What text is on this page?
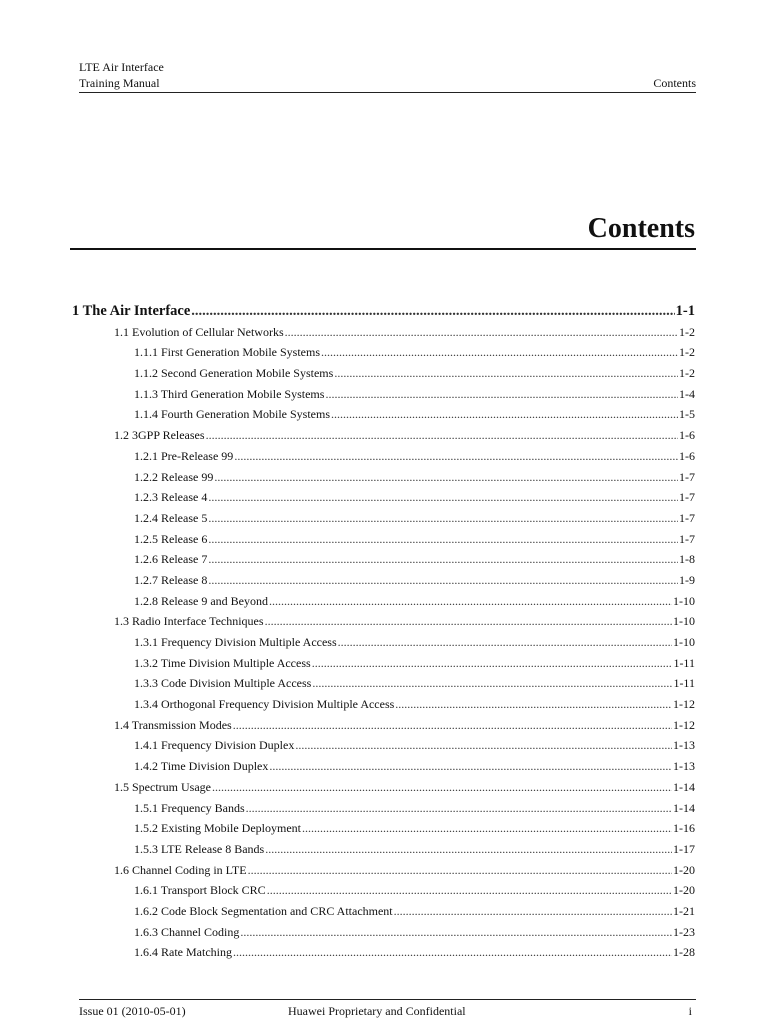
LTE Air Interface
Training Manual	Contents
Contents
1 The Air Interface .....	1-1
1.1 Evolution of Cellular Networks .....	1-2
1.1.1 First Generation Mobile Systems .....	1-2
1.1.2 Second Generation Mobile Systems .....	1-2
1.1.3 Third Generation Mobile Systems .....	1-4
1.1.4 Fourth Generation Mobile Systems .....	1-5
1.2 3GPP Releases .....	1-6
1.2.1 Pre-Release 99 .....	1-6
1.2.2 Release 99 .....	1-7
1.2.3 Release 4 .....	1-7
1.2.4 Release 5 .....	1-7
1.2.5 Release 6 .....	1-7
1.2.6 Release 7 .....	1-8
1.2.7 Release 8 .....	1-9
1.2.8 Release 9 and Beyond .....	1-10
1.3 Radio Interface Techniques .....	1-10
1.3.1 Frequency Division Multiple Access .....	1-10
1.3.2 Time Division Multiple Access .....	1-11
1.3.3 Code Division Multiple Access .....	1-11
1.3.4 Orthogonal Frequency Division Multiple Access .....	1-12
1.4 Transmission Modes .....	1-12
1.4.1 Frequency Division Duplex .....	1-13
1.4.2 Time Division Duplex .....	1-13
1.5 Spectrum Usage .....	1-14
1.5.1 Frequency Bands .....	1-14
1.5.2 Existing Mobile Deployment .....	1-16
1.5.3 LTE Release 8 Bands .....	1-17
1.6 Channel Coding in LTE .....	1-20
1.6.1 Transport Block CRC .....	1-20
1.6.2 Code Block Segmentation and CRC Attachment .....	1-21
1.6.3 Channel Coding .....	1-23
1.6.4 Rate Matching .....	1-28
Issue 01 (2010-05-01)	Huawei Proprietary and Confidential	i
